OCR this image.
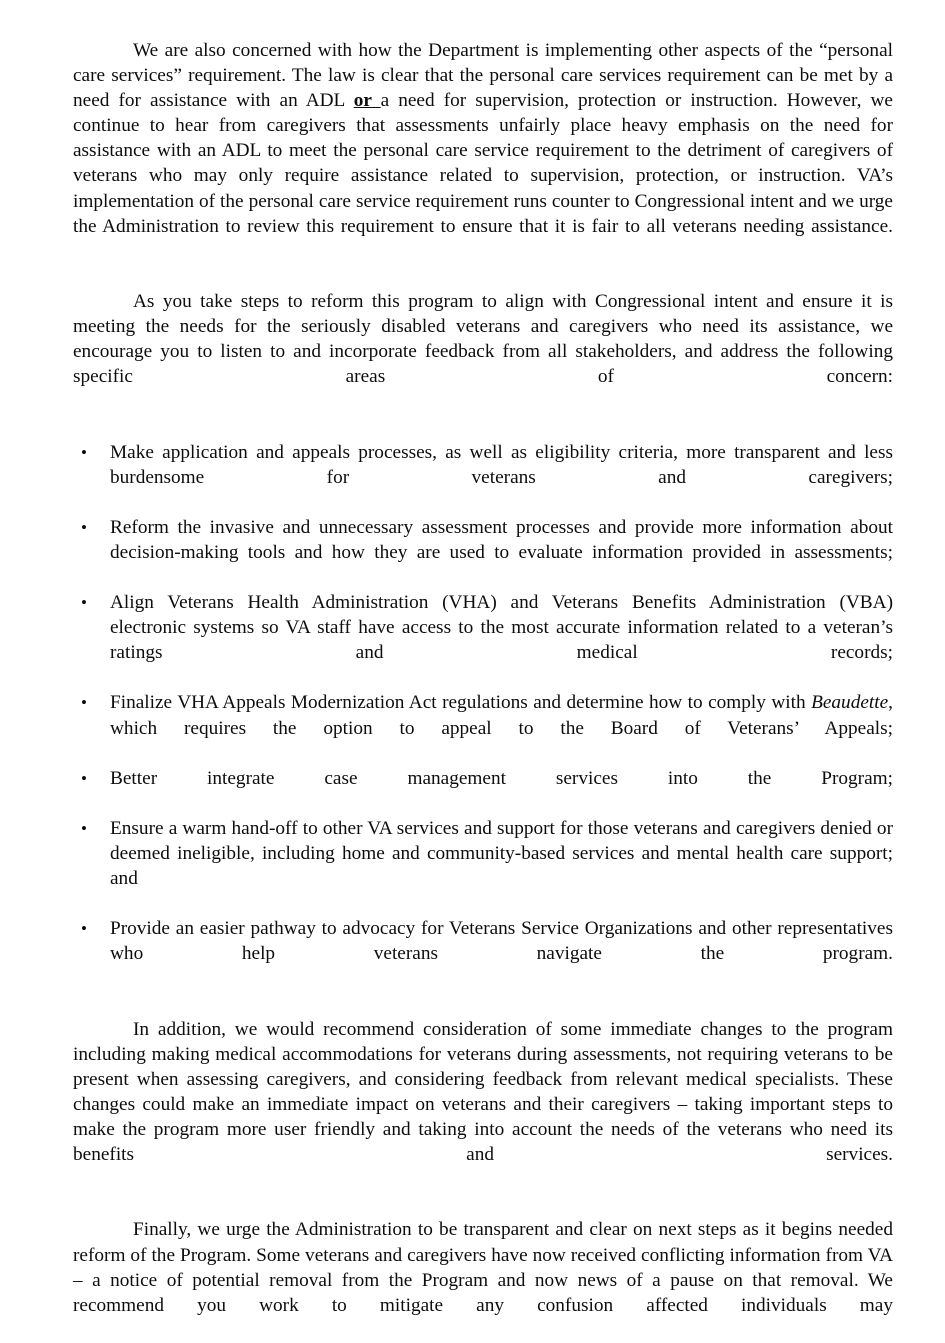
We are also concerned with how the Department is implementing other aspects of the “personal care services” requirement. The law is clear that the personal care services requirement can be met by a need for assistance with an ADL or a need for supervision, protection or instruction. However, we continue to hear from caregivers that assessments unfairly place heavy emphasis on the need for assistance with an ADL to meet the personal care service requirement to the detriment of caregivers of veterans who may only require assistance related to supervision, protection, or instruction. VA’s implementation of the personal care service requirement runs counter to Congressional intent and we urge the Administration to review this requirement to ensure that it is fair to all veterans needing assistance.

As you take steps to reform this program to align with Congressional intent and ensure it is meeting the needs for the seriously disabled veterans and caregivers who need its assistance, we encourage you to listen to and incorporate feedback from all stakeholders, and address the following specific areas of concern:

• Make application and appeals processes, as well as eligibility criteria, more transparent and less burdensome for veterans and caregivers;
• Reform the invasive and unnecessary assessment processes and provide more information about decision-making tools and how they are used to evaluate information provided in assessments;
• Align Veterans Health Administration (VHA) and Veterans Benefits Administration (VBA) electronic systems so VA staff have access to the most accurate information related to a veteran’s ratings and medical records;
• Finalize VHA Appeals Modernization Act regulations and determine how to comply with Beaudette, which requires the option to appeal to the Board of Veterans’ Appeals;
• Better integrate case management services into the Program;
• Ensure a warm hand-off to other VA services and support for those veterans and caregivers denied or deemed ineligible, including home and community-based services and mental health care support; and
• Provide an easier pathway to advocacy for Veterans Service Organizations and other representatives who help veterans navigate the program.

In addition, we would recommend consideration of some immediate changes to the program including making medical accommodations for veterans during assessments, not requiring veterans to be present when assessing caregivers, and considering feedback from relevant medical specialists. These changes could make an immediate impact on veterans and their caregivers – taking important steps to make the program more user friendly and taking into account the needs of the veterans who need its benefits and services.

Finally, we urge the Administration to be transparent and clear on next steps as it begins needed reform of the Program. Some veterans and caregivers have now received conflicting information from VA – a notice of potential removal from the Program and now news of a pause on that removal. We recommend you work to mitigate any confusion affected individuals may
